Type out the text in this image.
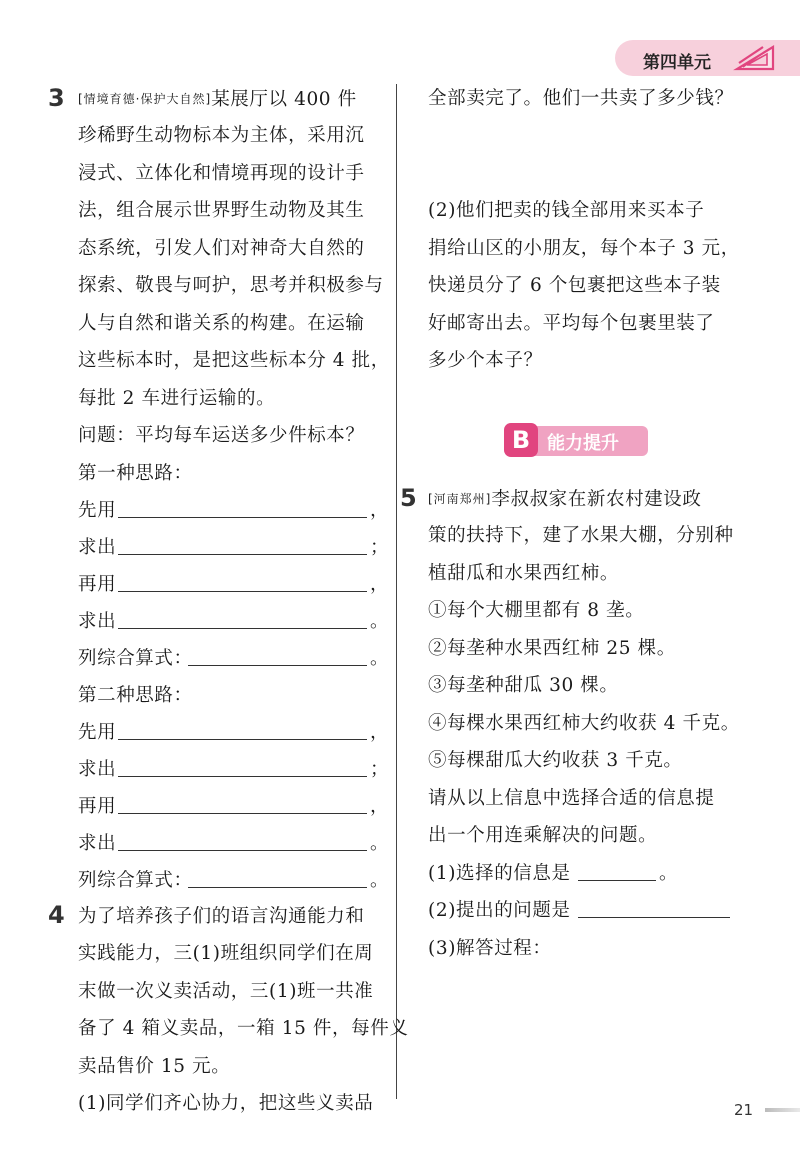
第四单元
3 [情境育德·保护大自然]某展厅以 400 件
珍稀野生动物标本为主体，采用沉
浸式、立体化和情境再现的设计手
法，组合展示世界野生动物及其生
态系统，引发人们对神奇大自然的
探索、敬畏与呵护，思考并积极参与
人与自然和谐关系的构建。在运输
这些标本时，是把这些标本分 4 批，
每批 2 车进行运输的。
问题：平均每车运送多少件标本？
第一种思路：
先用	，
求出	；
再用	，
求出	。
列综合算式：	。
第二种思路：
先用	，
求出	；
再用	，
求出	。
列综合算式：	。
4 为了培养孩子们的语言沟通能力和
实践能力，三(1)班组织同学们在周
末做一次义卖活动，三(1)班一共准
备了 4 箱义卖品，一箱 15 件，每件义
卖品售价 15 元。
(1)同学们齐心协力，把这些义卖品
全部卖完了。他们一共卖了多少钱？
(2)他们把卖的钱全部用来买本子
捐给山区的小朋友，每个本子 3 元，
快递员分了 6 个包裹把这些本子装
好邮寄出去。平均每个包裹里装了
多少个本子？
B 能力提升
5 [河南郑州]李叔叔家在新农村建设政
策的扶持下，建了水果大棚，分别种
植甜瓜和水果西红柿。
①每个大棚里都有 8 垄。
②每垄种水果西红柿 25 棵。
③每垄种甜瓜 30 棵。
④每棵水果西红柿大约收获 4 千克。
⑤每棵甜瓜大约收获 3 千克。
请从以上信息中选择合适的信息提
出一个用连乘解决的问题。
(1)选择的信息是	。
(2)提出的问题是
(3)解答过程：
21
